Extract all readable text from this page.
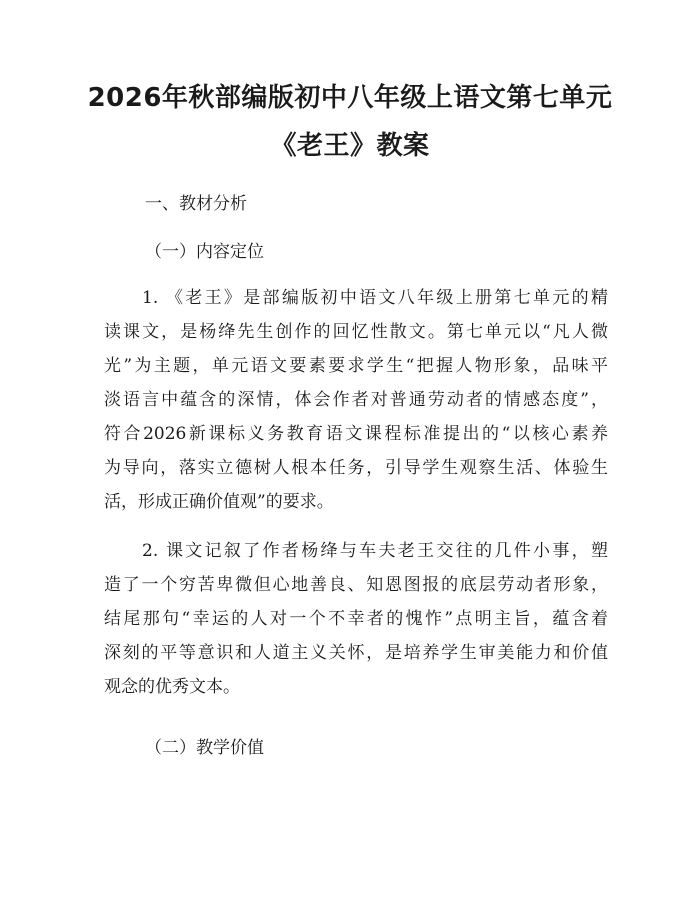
2026年秋部编版初中八年级上语文第七单元
《老王》教案

一、教材分析

（一）内容定位

1. 《老王》是部编版初中语文八年级上册第七单元的精
读课文，是杨绛先生创作的回忆性散文。第七单元以“凡人微
光”为主题，单元语文要素要求学生“把握人物形象，品味平
淡语言中蕴含的深情，体会作者对普通劳动者的情感态度”，
符合2026新课标义务教育语文课程标准提出的“以核心素养
为导向，落实立德树人根本任务，引导学生观察生活、体验生
活，形成正确价值观”的要求。
2. 课文记叙了作者杨绛与车夫老王交往的几件小事，塑
造了一个穷苦卑微但心地善良、知恩图报的底层劳动者形象，
结尾那句“幸运的人对一个不幸者的愧怍”点明主旨，蕴含着
深刻的平等意识和人道主义关怀，是培养学生审美能力和价值
观念的优秀文本。

（二）教学价值
